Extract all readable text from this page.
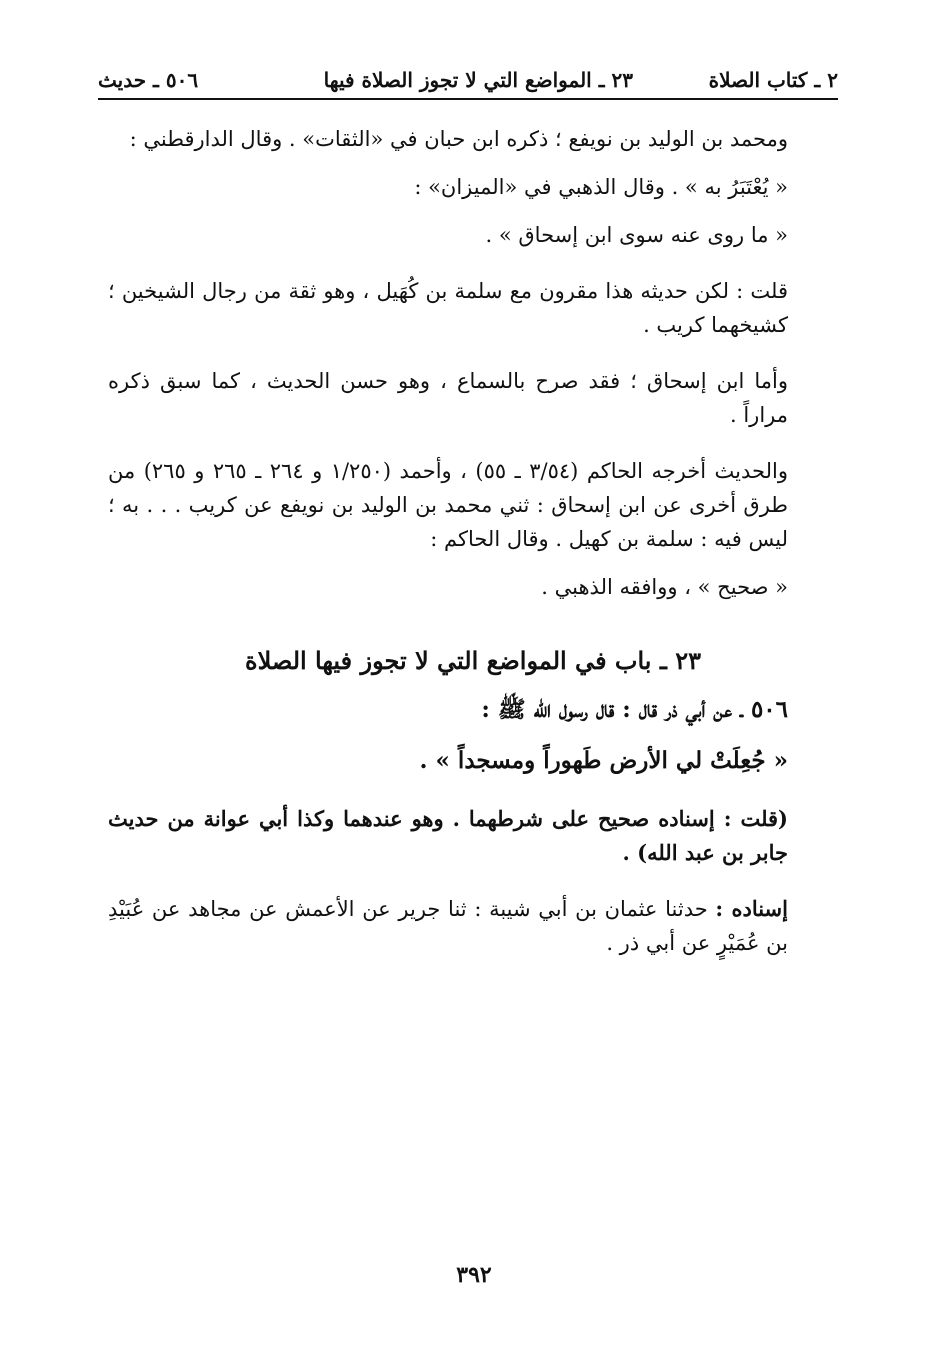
٢ ـ كتاب الصلاة
٢٣ ـ المواضع التي لا تجوز الصلاة فيها
٥٠٦ ـ حديث

ومحمد بن الوليد بن نويفع ؛ ذكره ابن حبان في «الثقات» . وقال الدارقطني :

« يُعْتَبَرُ به » . وقال الذهبي في «الميزان» :

« ما روى عنه سوى ابن إسحاق » .

قلت : لكن حديثه هذا مقرون مع سلمة بن كُهَيل ، وهو ثقة من رجال الشيخين ؛ كشيخهما كريب .

وأما ابن إسحاق ؛ فقد صرح بالسماع ، وهو حسن الحديث ، كما سبق ذكره مراراً .

والحديث أخرجه الحاكم (٣/٥٤ ـ ٥٥) ، وأحمد (١/٢٥٠ و ٢٦٤ ـ ٢٦٥ و ٢٦٥) من طرق أخرى عن ابن إسحاق : ثني محمد بن الوليد بن نويفع عن كريب . . . به ؛ ليس فيه : سلمة بن كهيل . وقال الحاكم :

« صحيح » ، ووافقه الذهبي .

٢٣ ـ باب في المواضع التي لا تجوز فيها الصلاة

٥٠٦ ـ عن أبي ذر قال : قال رسول الله ﷺ :

« جُعِلَتْ لي الأرض طَهوراً ومسجداً » .

(قلت : إسناده صحيح على شرطهما . وهو عندهما وكذا أبي عوانة من حديث جابر بن عبد الله) .

إسناده : حدثنا عثمان بن أبي شيبة : ثنا جرير عن الأعمش عن مجاهد عن عُبَيْدِ بن عُمَيْرٍ عن أبي ذر .

٣٩٢
